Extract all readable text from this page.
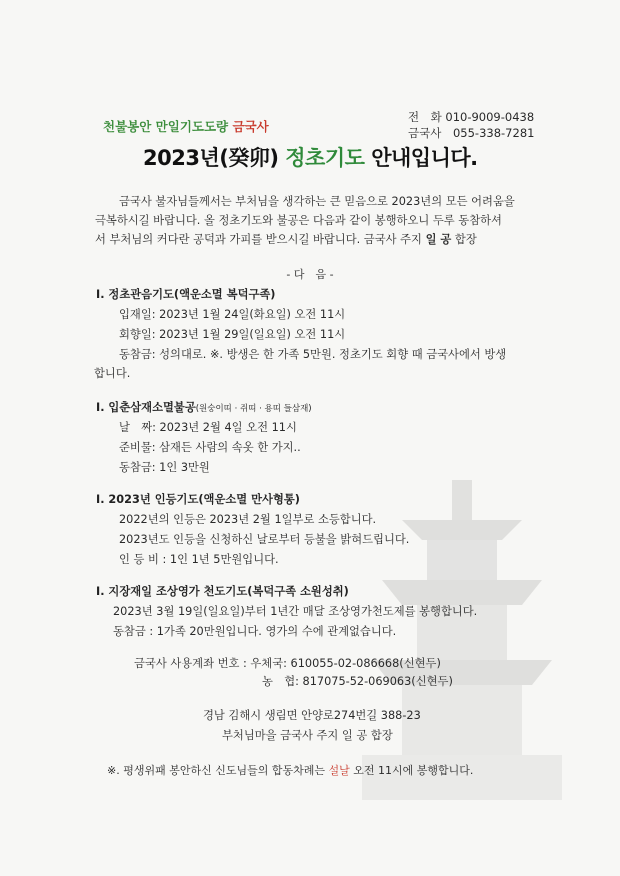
천불봉안 만일기도도량 금국사
전　화 010-9009-0438
금국사 055-338-7281
2023년(癸卯) 정초기도 안내입니다.

금국사 불자님들께서는 부처님을 생각하는 큰 믿음으로 2023년의 모든 어려움을

극복하시길 바랍니다. 올 정초기도와 불공은 다음과 같이 봉행하오니 두루 동참하셔

서 부처님의 커다란 공덕과 가피를 받으시길 바랍니다. 금국사 주지 일 공 합장

- 다　음 -
Ⅰ. 정초관음기도(액운소멸 복덕구족)
입재일: 2023년 1월 24일(화요일) 오전 11시
회향일: 2023년 1월 29일(일요일) 오전 11시
동참금: 성의대로. ※. 방생은 한 가족 5만원. 정초기도 회향 때 금국사에서 방생
합니다.
Ⅰ. 입춘삼재소멸불공(원숭이띠 · 쥐띠 · 용띠 들삼재)
날　짜: 2023년 2월 4일 오전 11시
준비물: 삼재든 사람의 속옷 한 가지..
동참금: 1인 3만원
Ⅰ. 2023년 인등기도(액운소멸 만사형통)
2022년의 인등은 2023년 2월 1일부로 소등합니다.
2023년도 인등을 신청하신 날로부터 등불을 밝혀드립니다.
인 등 비 : 1인 1년 5만원입니다.
Ⅰ. 지장재일 조상영가 천도기도(복덕구족 소원성취)
2023년 3월 19일(일요일)부터 1년간 매달 조상영가천도제를 봉행합니다.
동참금 : 1가족 20만원입니다. 영가의 수에 관계없습니다.
금국사 사용계좌 번호 : 우체국: 610055-02-086668(신현두)
농　협: 817075-52-069063(신현두)
경남 김해시 생림면 안양로274번길 388-23
부처님마을 금국사 주지 일 공 합장
※. 평생위패 봉안하신 신도님들의 합동차례는 설날 오전 11시에 봉행합니다.
